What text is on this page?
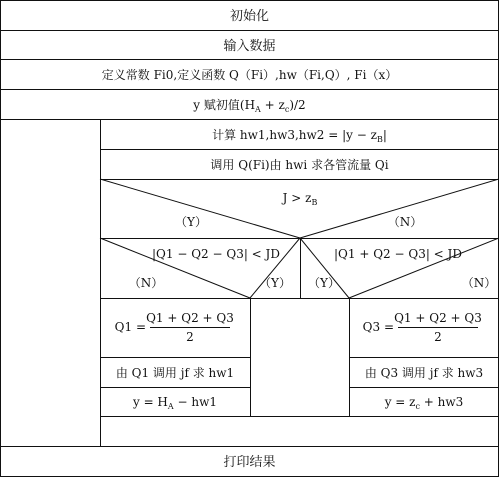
初始化
输入数据
定义常数 Fi0,定义函数 Q（Fi）,hw（Fi,Q）, Fi（x）
y 赋初值$(H_A + z_c)/2$
计算 $hw1,hw3,hw2 = |y - z_B|$
调用 Q(Fi)由 hwi 求各管流量 Qi
$J > z_B$
（Y）	（N）
|Q1 − Q2 − Q3| < JD
（N）	（Y）
Q1 =
Q1 + Q2 + Q3
2
由 Q1 调用 jf 求 hw1
$y = H_A - hw1$
|Q1 + Q2 − Q3| < JD
（Y）	（N）
Q3 =
Q1 + Q2 + Q3
2
由 Q3 调用 jf 求 hw3
$y = z_c + hw3$
打印结果
